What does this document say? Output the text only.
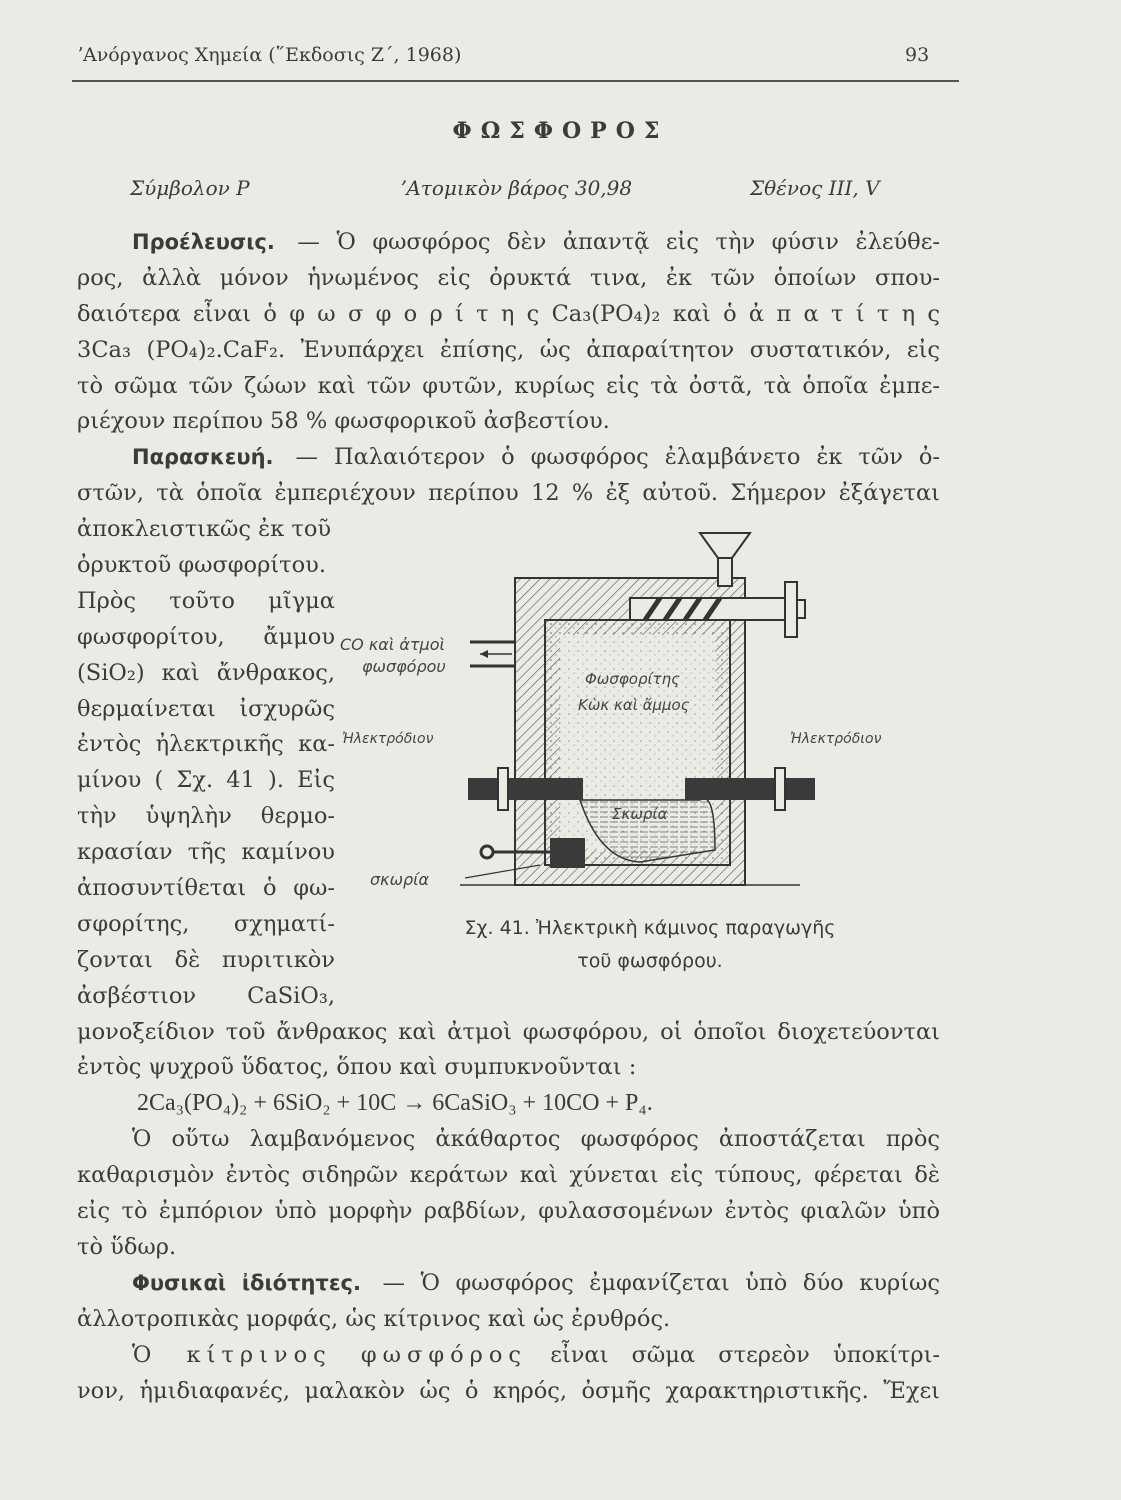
ʼΑνόργανος Χημεία (῞Εκδοσις Ζ΄, 1968)	93
ΦΩΣΦΟΡΟΣ
Σύμβολον P	ʼΑτομικὸν βάρος 30,98	Σθένος III, V
Προέλευσις. — Ὁ φωσφόρος δὲν ἀπαντᾷ εἰς τὴν φύσιν ἐλεύθε-
ρος, ἀλλὰ μόνον ἡνωμένος εἰς ὀρυκτά τινα, ἐκ τῶν ὁποίων σπου-
δαιότερα εἶναι ὁ φ ω σ φ ο ρ ί τ η ς Ca₃(PO₄)₂ καὶ ὁ ἀ π α τ ί τ η ς
3Ca₃ (PO₄)₂.CaF₂. Ἐνυπάρχει ἐπίσης, ὡς ἀπαραίτητον συστατικόν, εἰς
τὸ σῶμα τῶν ζώων καὶ τῶν φυτῶν, κυρίως εἰς τὰ ὀστᾶ, τὰ ὁποῖα ἐμπε-
ριέχουν περίπου 58 % φωσφορικοῦ ἀσβεστίου.
Παρασκευή. — Παλαιότερον ὁ φωσφόρος ἐλαμβάνετο ἐκ τῶν ὀ-
στῶν, τὰ ὁποῖα ἐμπεριέχουν περίπου 12 % ἐξ αὐτοῦ. Σήμερον ἐξάγεται
ἀποκλειστικῶς ἐκ τοῦ
ὀρυκτοῦ φωσφορίτου.
Πρὸς τοῦτο μῖγμα
φωσφορίτου, ἄμμου
(SiO₂) καὶ ἄνθρακος,
θερμαίνεται ἰσχυρῶς
ἐντὸς ἠλεκτρικῆς κα-
μίνου ( Σχ. 41 ). Εἰς
τὴν ὑψηλὴν θερμο-
κρασίαν τῆς καμίνου
ἀποσυντίθεται ὁ φω-
σφορίτης, σχηματί-
ζονται δὲ πυριτικὸν
ἀσβέστιον CaSiO₃,
μονοξείδιον τοῦ ἄνθρακος καὶ ἀτμοὶ φωσφόρου, οἱ ὁποῖοι διοχετεύονται
ἐντὸς ψυχροῦ ὕδατος, ὅπου καὶ συμπυκνοῦνται :
2Ca₃(PO₄)₂ + 6SiO₂ + 10C → 6CaSiO₃ + 10CO + P₄.
Ὁ οὕτω λαμβανόμενος ἀκάθαρτος φωσφόρος ἀποστάζεται πρὸς
καθαρισμὸν ἐντὸς σιδηρῶν κεράτων καὶ χύνεται εἰς τύπους, φέρεται δὲ
εἰς τὸ ἐμπόριον ὑπὸ μορφὴν ραβδίων, φυλασσομένων ἐντὸς φιαλῶν ὑπὸ
τὸ ὕδωρ.
Φυσικαὶ ἰδιότητες. — Ὁ φωσφόρος ἐμφανίζεται ὑπὸ δύο κυρίως
ἀλλοτροπικὰς μορφάς, ὡς κίτρινος καὶ ὡς ἐρυθρός.
Ὁ κίτρινος φωσφόρος εἶναι σῶμα στερεὸν ὑποκίτρι-
νον, ἡμιδιαφανές, μαλακὸν ὡς ὁ κηρός, ὀσμῆς χαρακτηριστικῆς. Ἔχει
CO καὶ ἀτμοὶ
φωσφόρου
Φωσφορίτης
Κὼκ καὶ ἄμμος
Ἠλεκτρόδιον	Ἠλεκτρόδιον
Σκωρία
σκωρία
Σχ. 41. Ἠλεκτρικὴ κάμινος παραγωγῆς
τοῦ φωσφόρου.
